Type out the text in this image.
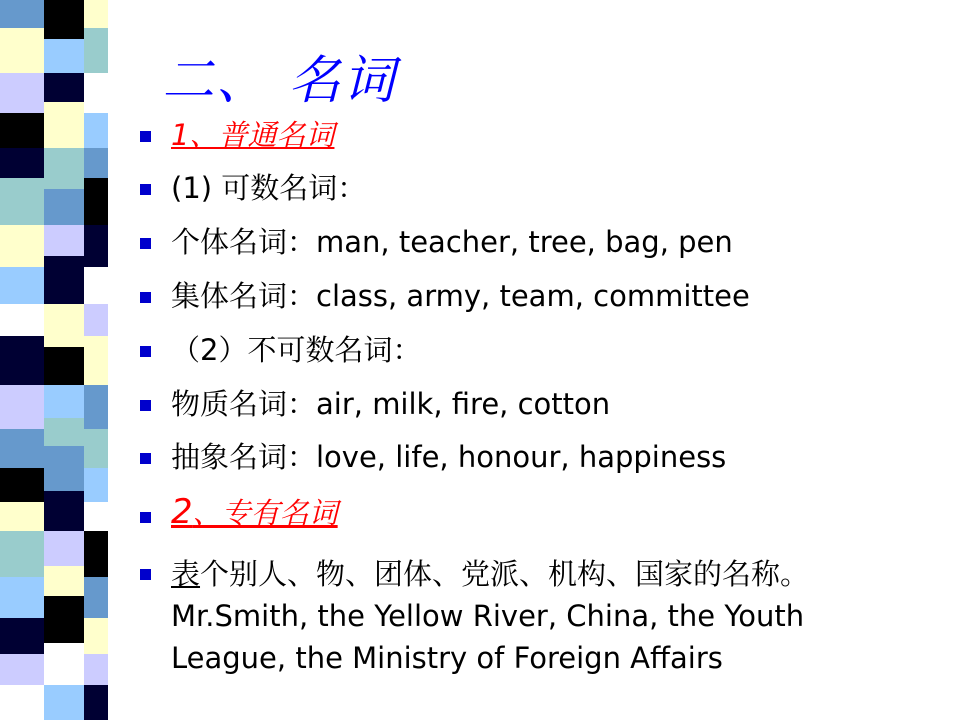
二、 名词
1、普通名词
(1) 可数名词：
个体名词：man, teacher, tree, bag, pen
集体名词：class, army, team, committee
（2）不可数名词：
物质名词：air, milk, fire, cotton
抽象名词：love, life, honour, happiness
2、专有名词
表个别人、物、团体、党派、机构、国家的名称。Mr.Smith, the Yellow River, China, the Youth League, the Ministry of Foreign Affairs
